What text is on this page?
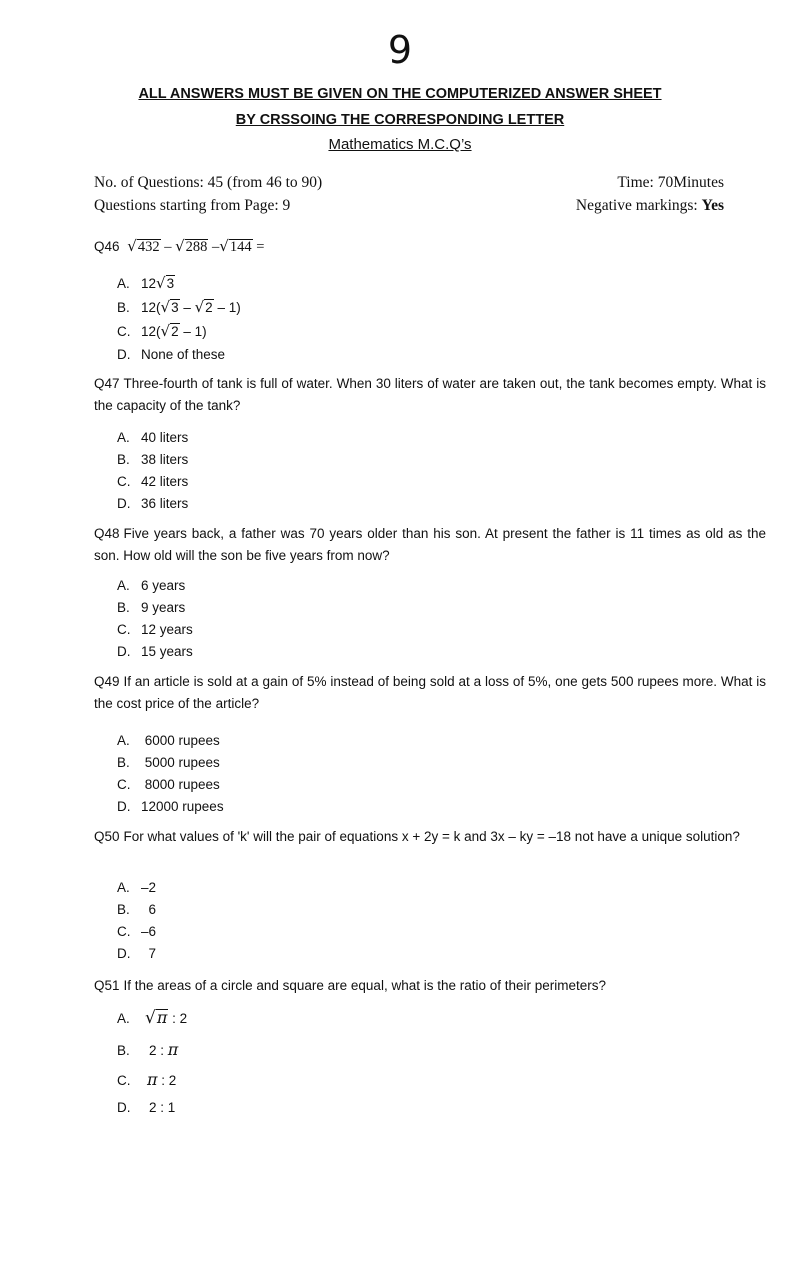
9
ALL ANSWERS MUST BE GIVEN ON THE COMPUTERIZED ANSWER SHEET
BY CRSSOING THE CORRESPONDING LETTER
Mathematics M.C.Q’s
No. of Questions: 45 (from 46 to 90)
Questions starting from Page: 9
Time: 70Minutes
Negative markings: Yes
Q46 √432 – √288 –√144 =
A. 12√3
B. 12(√3 – √2 – 1)
C. 12(√2 – 1)
D. None of these
Q47 Three-fourth of tank is full of water. When 30 liters of water are taken out, the tank becomes empty. What is the capacity of the tank?
A. 40 liters
B. 38 liters
C. 42 liters
D. 36 liters
Q48 Five years back, a father was 70 years older than his son. At present the father is 11 times as old as the son. How old will the son be five years from now?
A. 6 years
B. 9 years
C. 12 years
D. 15 years
Q49 If an article is sold at a gain of 5% instead of being sold at a loss of 5%, one gets 500 rupees more. What is the cost price of the article?
A. 6000 rupees
B. 5000 rupees
C. 8000 rupees
D. 12000 rupees
Q50 For what values of 'k' will the pair of equations x + 2y = k and 3x – ky = –18 not have a unique solution?
A. –2
B.  6
C. –6
D.  7
Q51 If the areas of a circle and square are equal, what is the ratio of their perimeters?
A. √π : 2
B. 2 : π
C. π : 2
D. 2 : 1
